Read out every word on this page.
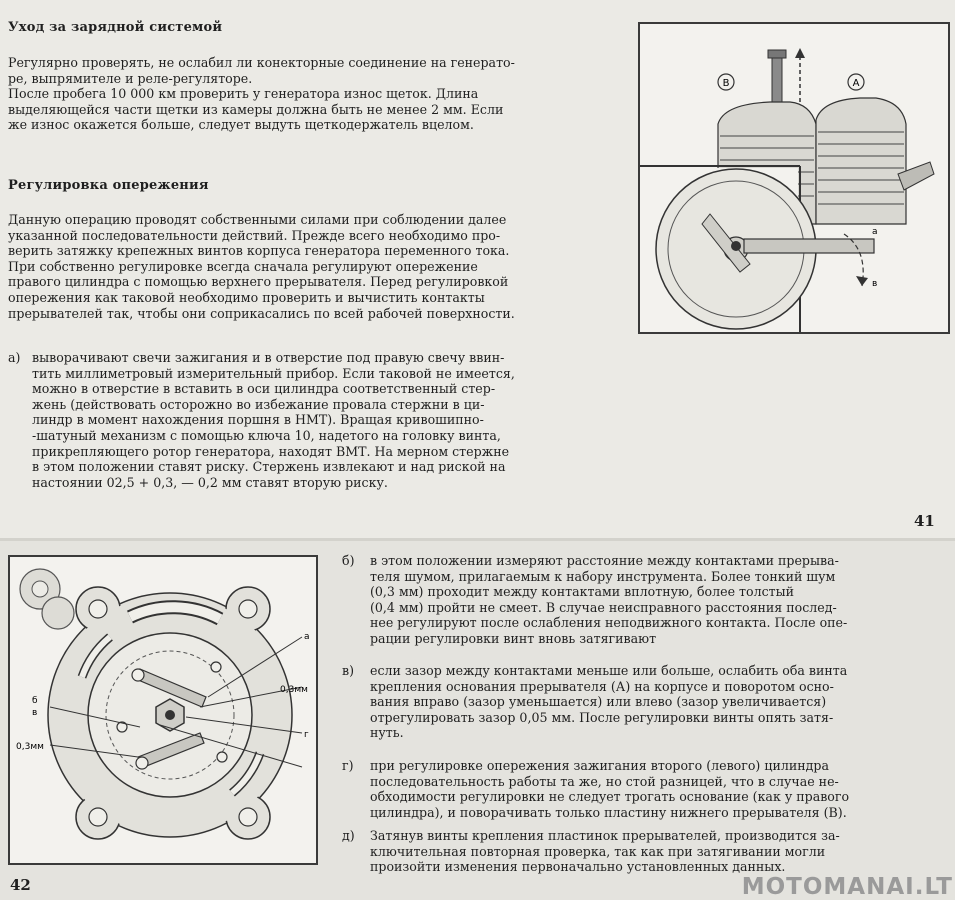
Уход за зарядной системой

Регулярно проверять, не ослабил ли конекторные соединение на генерато-

ре, выпрямителе и реле-регуляторе.

После пробега 10 000 км проверить у генератора износ щеток. Длина

выделяющейся части щетки из камеры должна быть не менее 2 мм. Если

же износ окажется больше, следует выдуть щеткодержатель вцелом.

Регулировка опережения

Данную операцию проводят собственными силами при соблюдении далее

указанной последовательности действий. Прежде всего необходимо про-

верить затяжку крепежных винтов корпуса генератора переменного тока.

При собственно регулировке всегда сначала регулируют опережение

правого цилиндра с помощью верхнего прерывателя. Перед регулировкой

опережения как таковой необходимо проверить и вычистить контакты

прерывателей так, чтобы они соприкасались по всей рабочей поверхности.

а) выворачивают свечи зажигания и в отверстие под правую свечу ввин-
тить миллиметровый измерительный прибор. Если таковой не имеется,
можно в отверстие в вставить в оси цилиндра соответственный стер-
жень (действовать осторожно во избежание провала стержни в ци-
линдр в момент нахождения поршня в НМТ). Вращая кривошипно-
-шатуный механизм с помощью ключа 10, надетого на головку винта,
прикрепляющего ротор генератора, находят ВМТ. На мерном стержне
в этом положении ставят риску. Стержень извлекают и над риской на
настоянии 02,5 + 0,3, — 0,2 мм ставят вторую риску.
41
В	А
а
в
0,3мм
0,3мм
б
в
а
г
б) в этом положении измеряют расстояние между контактами прерыва-
теля шумом, прилагаемым к набору инструмента. Более тонкий шум
(0,3 мм) проходит между контактами вплотную, более толстый
(0,4 мм) пройти не смеет. В случае неисправного расстояния послед-
нее регулируют после ослабления неподвижного контакта. После опе-
рации регулировки винт вновь затягивают
в) если зазор между контактами меньше или больше, ослабить оба винта
крепления основания прерывателя (А) на корпусе и поворотом осно-
вания вправо (зазор уменьшается) или влево (зазор увеличивается)
отрегулировать зазор 0,05 мм. После регулировки винты опять затя-
нуть.
г) при регулировке опережения зажигания второго (левого) цилиндра
последовательность работы та же, но стой разницей, что в случае не-
обходимости регулировки не следует трогать основание (как у правого
цилиндра), и поворачивать только пластину нижнего прерывателя (В).
д) Затянув винты крепления пластинок прерывателей, производится за-
ключительная повторная проверка, так как при затягивании могли
произойти изменения первоначально установленных данных.
42	MOTOMANAI.LT
